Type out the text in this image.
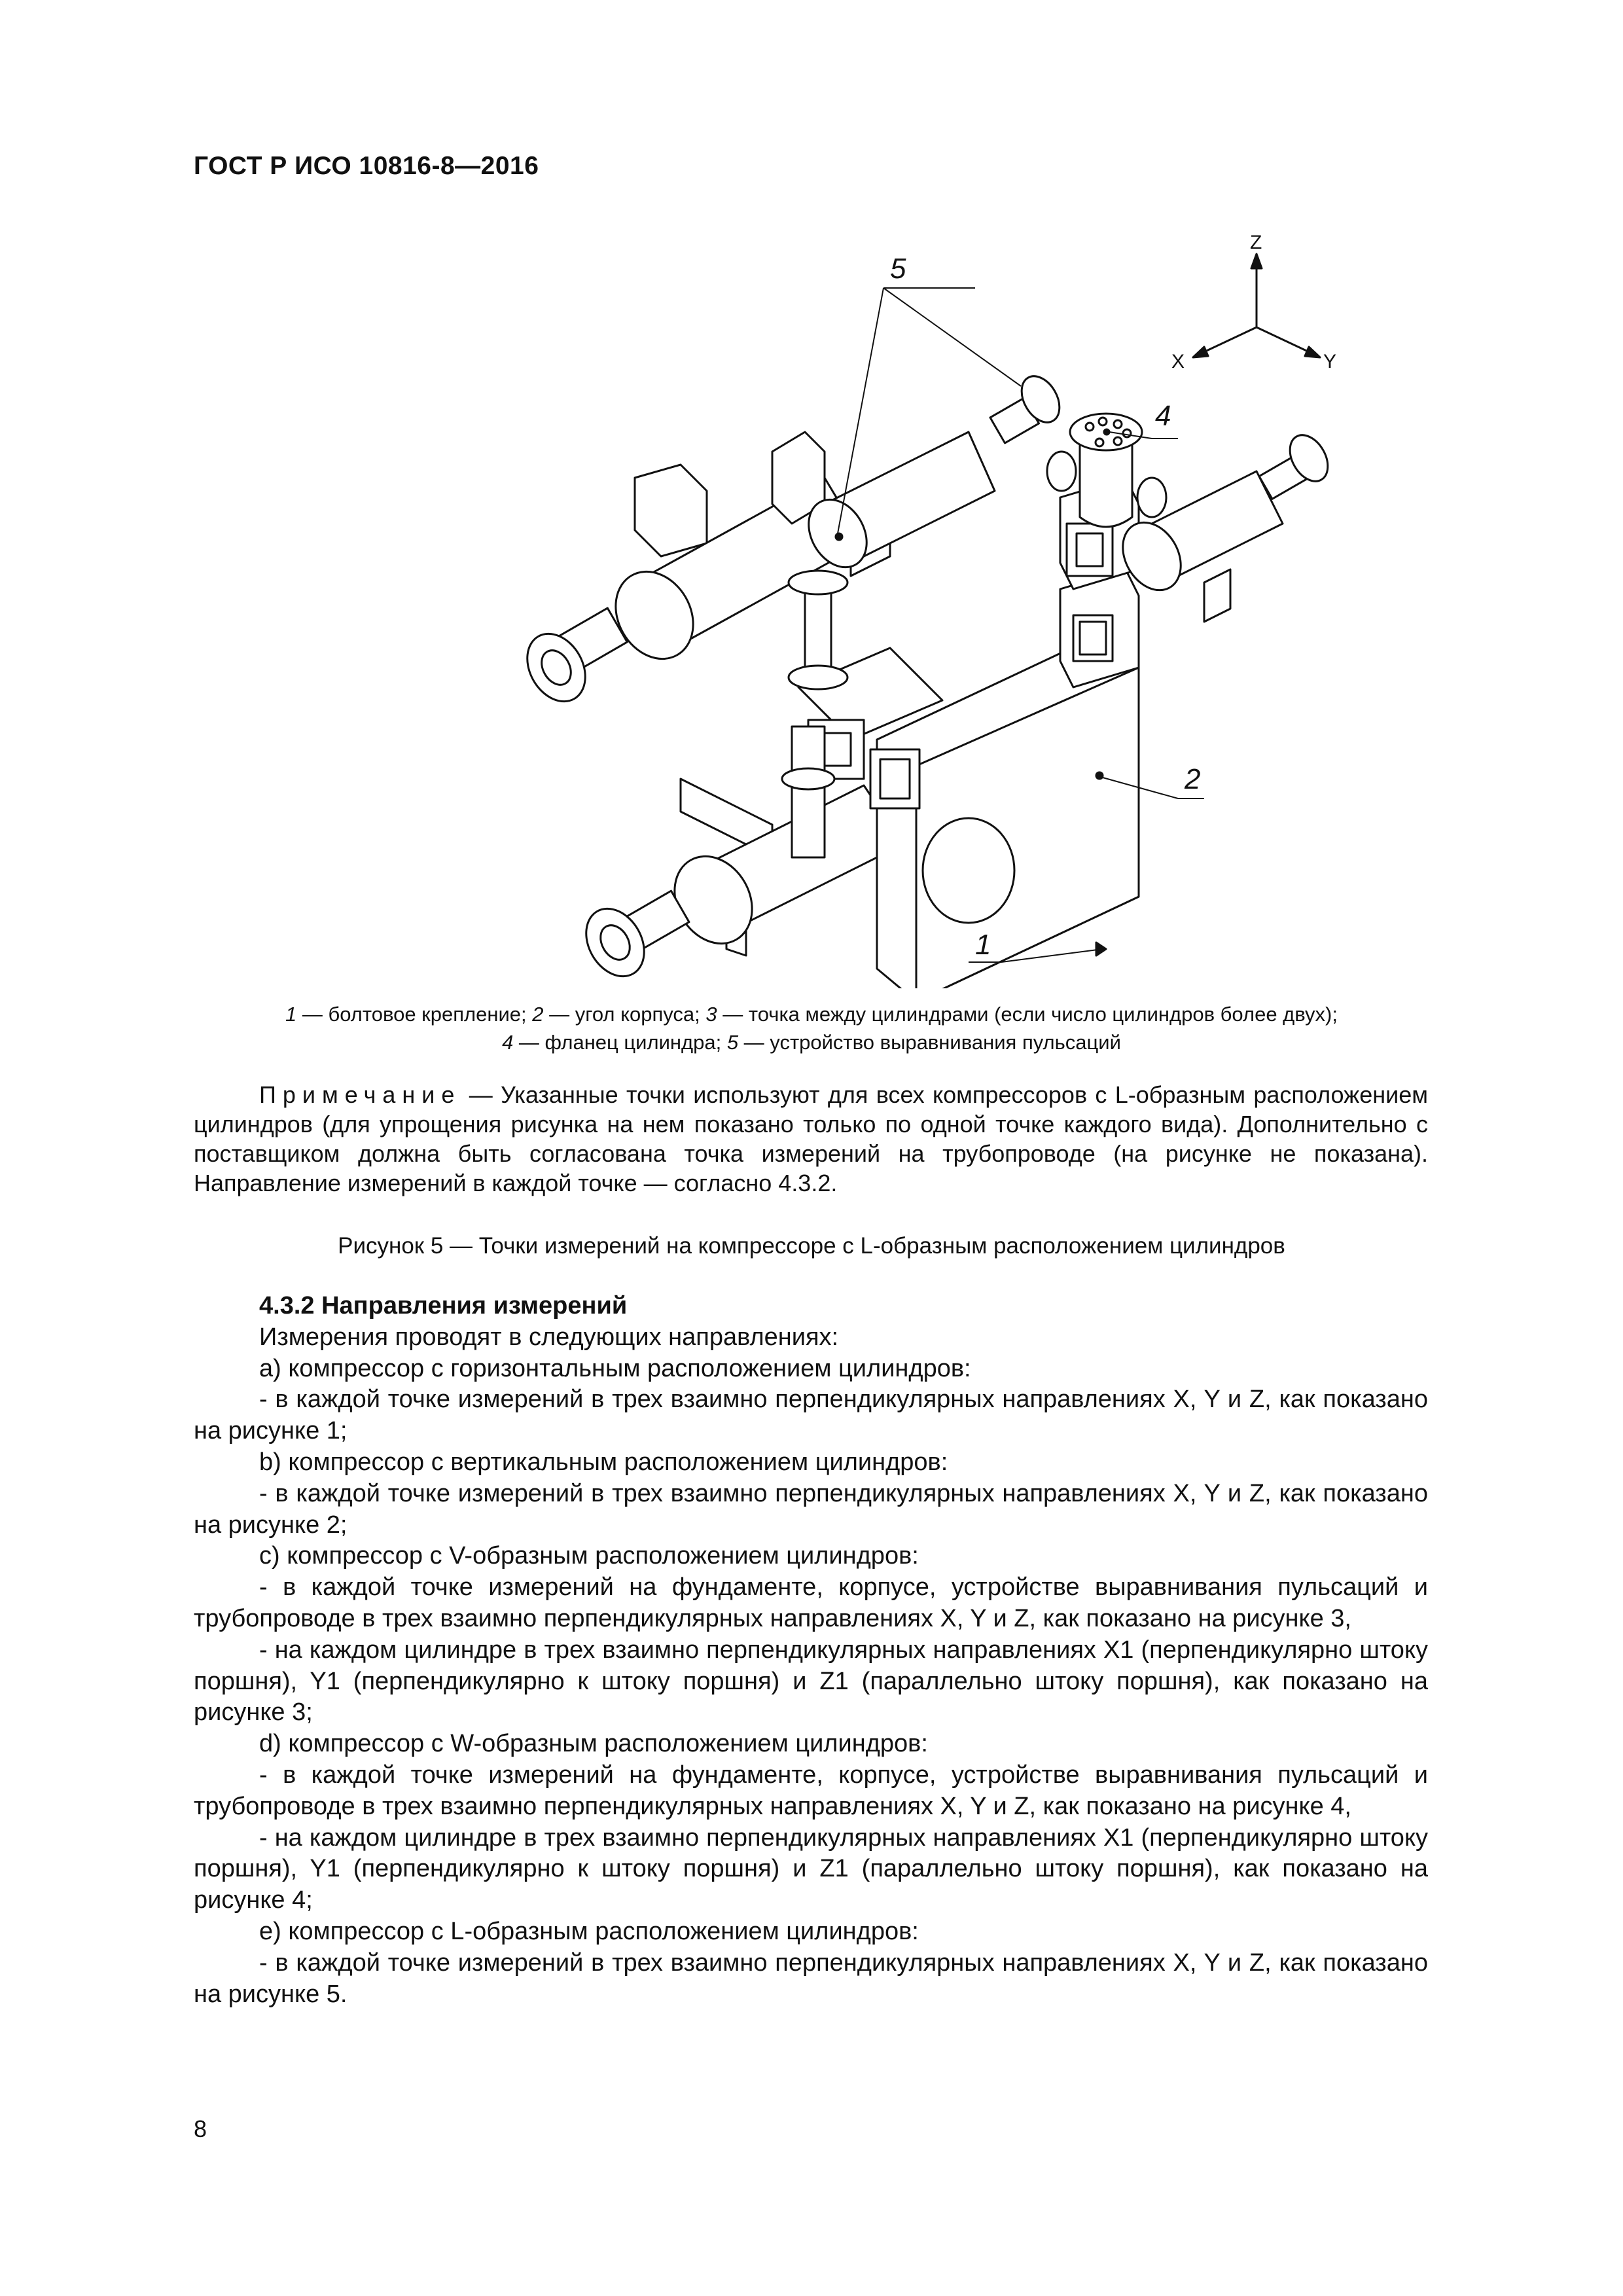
ГОСТ Р ИСО 10816-8—2016
Z
X	Y
5
4
2
1
1 — болтовое крепление; 2 — угол корпуса; 3 — точка между цилиндрами (если число цилиндров более двух);
4 — фланец цилиндра; 5 — устройство выравнивания пульсаций
Примечание — Указанные точки используют для всех компрессоров с L-образным расположением цилиндров (для упрощения рисунка на нем показано только по одной точке каждого вида). Дополнительно с поставщиком должна быть согласована точка измерений на трубопроводе (на рисунке не показана). Направление измерений в каждой точке — согласно 4.3.2.
Рисунок 5 — Точки измерений на компрессоре с L-образным расположением цилиндров

4.3.2 Направления измерений

Измерения проводят в следующих направлениях:

a) компрессор с горизонтальным расположением цилиндров:

- в каждой точке измерений в трех взаимно перпендикулярных направлениях X, Y и Z, как показано на рисунке 1;

b) компрессор с вертикальным расположением цилиндров:

- в каждой точке измерений в трех взаимно перпендикулярных направлениях X, Y и Z, как показано на рисунке 2;

c) компрессор с V-образным расположением цилиндров:

- в каждой точке измерений на фундаменте, корпусе, устройстве выравнивания пульсаций и трубопроводе в трех взаимно перпендикулярных направлениях X, Y и Z, как показано на рисунке 3,

- на каждом цилиндре в трех взаимно перпендикулярных направлениях X1 (перпендикулярно штоку поршня), Y1 (перпендикулярно к штоку поршня) и Z1 (параллельно штоку поршня), как показано на рисунке 3;

d) компрессор с W-образным расположением цилиндров:

- в каждой точке измерений на фундаменте, корпусе, устройстве выравнивания пульсаций и трубопроводе в трех взаимно перпендикулярных направлениях X, Y и Z, как показано на рисунке 4,

- на каждом цилиндре в трех взаимно перпендикулярных направлениях X1 (перпендикулярно штоку поршня), Y1 (перпендикулярно к штоку поршня) и Z1 (параллельно штоку поршня), как показано на рисунке 4;

e) компрессор с L-образным расположением цилиндров:

- в каждой точке измерений в трех взаимно перпендикулярных направлениях X, Y и Z, как показано на рисунке 5.

8
